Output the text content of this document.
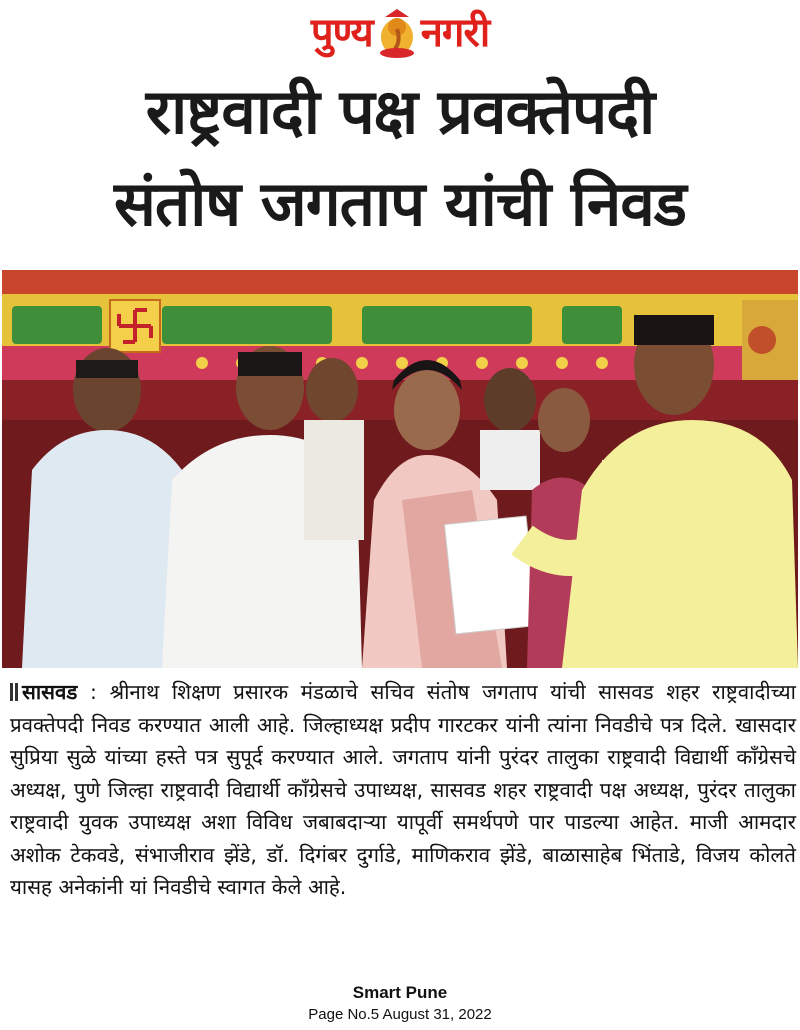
पुण्य नगरी
राष्ट्रवादी पक्ष प्रवक्तेपदी
संतोष जगताप यांची निवड
सासवड : श्रीनाथ शिक्षण प्रसारक मंडळाचे सचिव संतोष जगताप यांची सासवड शहर राष्ट्रवादीच्या प्रवक्तेपदी निवड करण्यात आली आहे. जिल्हाध्यक्ष प्रदीप गारटकर यांनी त्यांना निवडीचे पत्र दिले. खासदार सुप्रिया सुळे यांच्या हस्ते पत्र सुपूर्द करण्यात आले. जगताप यांनी पुरंदर तालुका राष्ट्रवादी विद्यार्थी कॉंग्रेसचे अध्यक्ष, पुणे जिल्हा राष्ट्रवादी विद्यार्थी कॉंग्रेसचे उपाध्यक्ष, सासवड शहर राष्ट्रवादी पक्ष अध्यक्ष, पुरंदर तालुका राष्ट्रवादी युवक उपाध्यक्ष अशा विविध जबाबदाऱ्या यापूर्वी समर्थपणे पार पाडल्या आहेत. माजी आमदार अशोक टेकवडे, संभाजीराव झेंडे, डॉ. दिगंबर दुर्गाडे, माणिकराव झेंडे, बाळासाहेब भिंताडे, विजय कोलते यासह अनेकांनी यां निवडीचे स्वागत केले आहे.
Smart Pune
Page No.5 August 31, 2022
